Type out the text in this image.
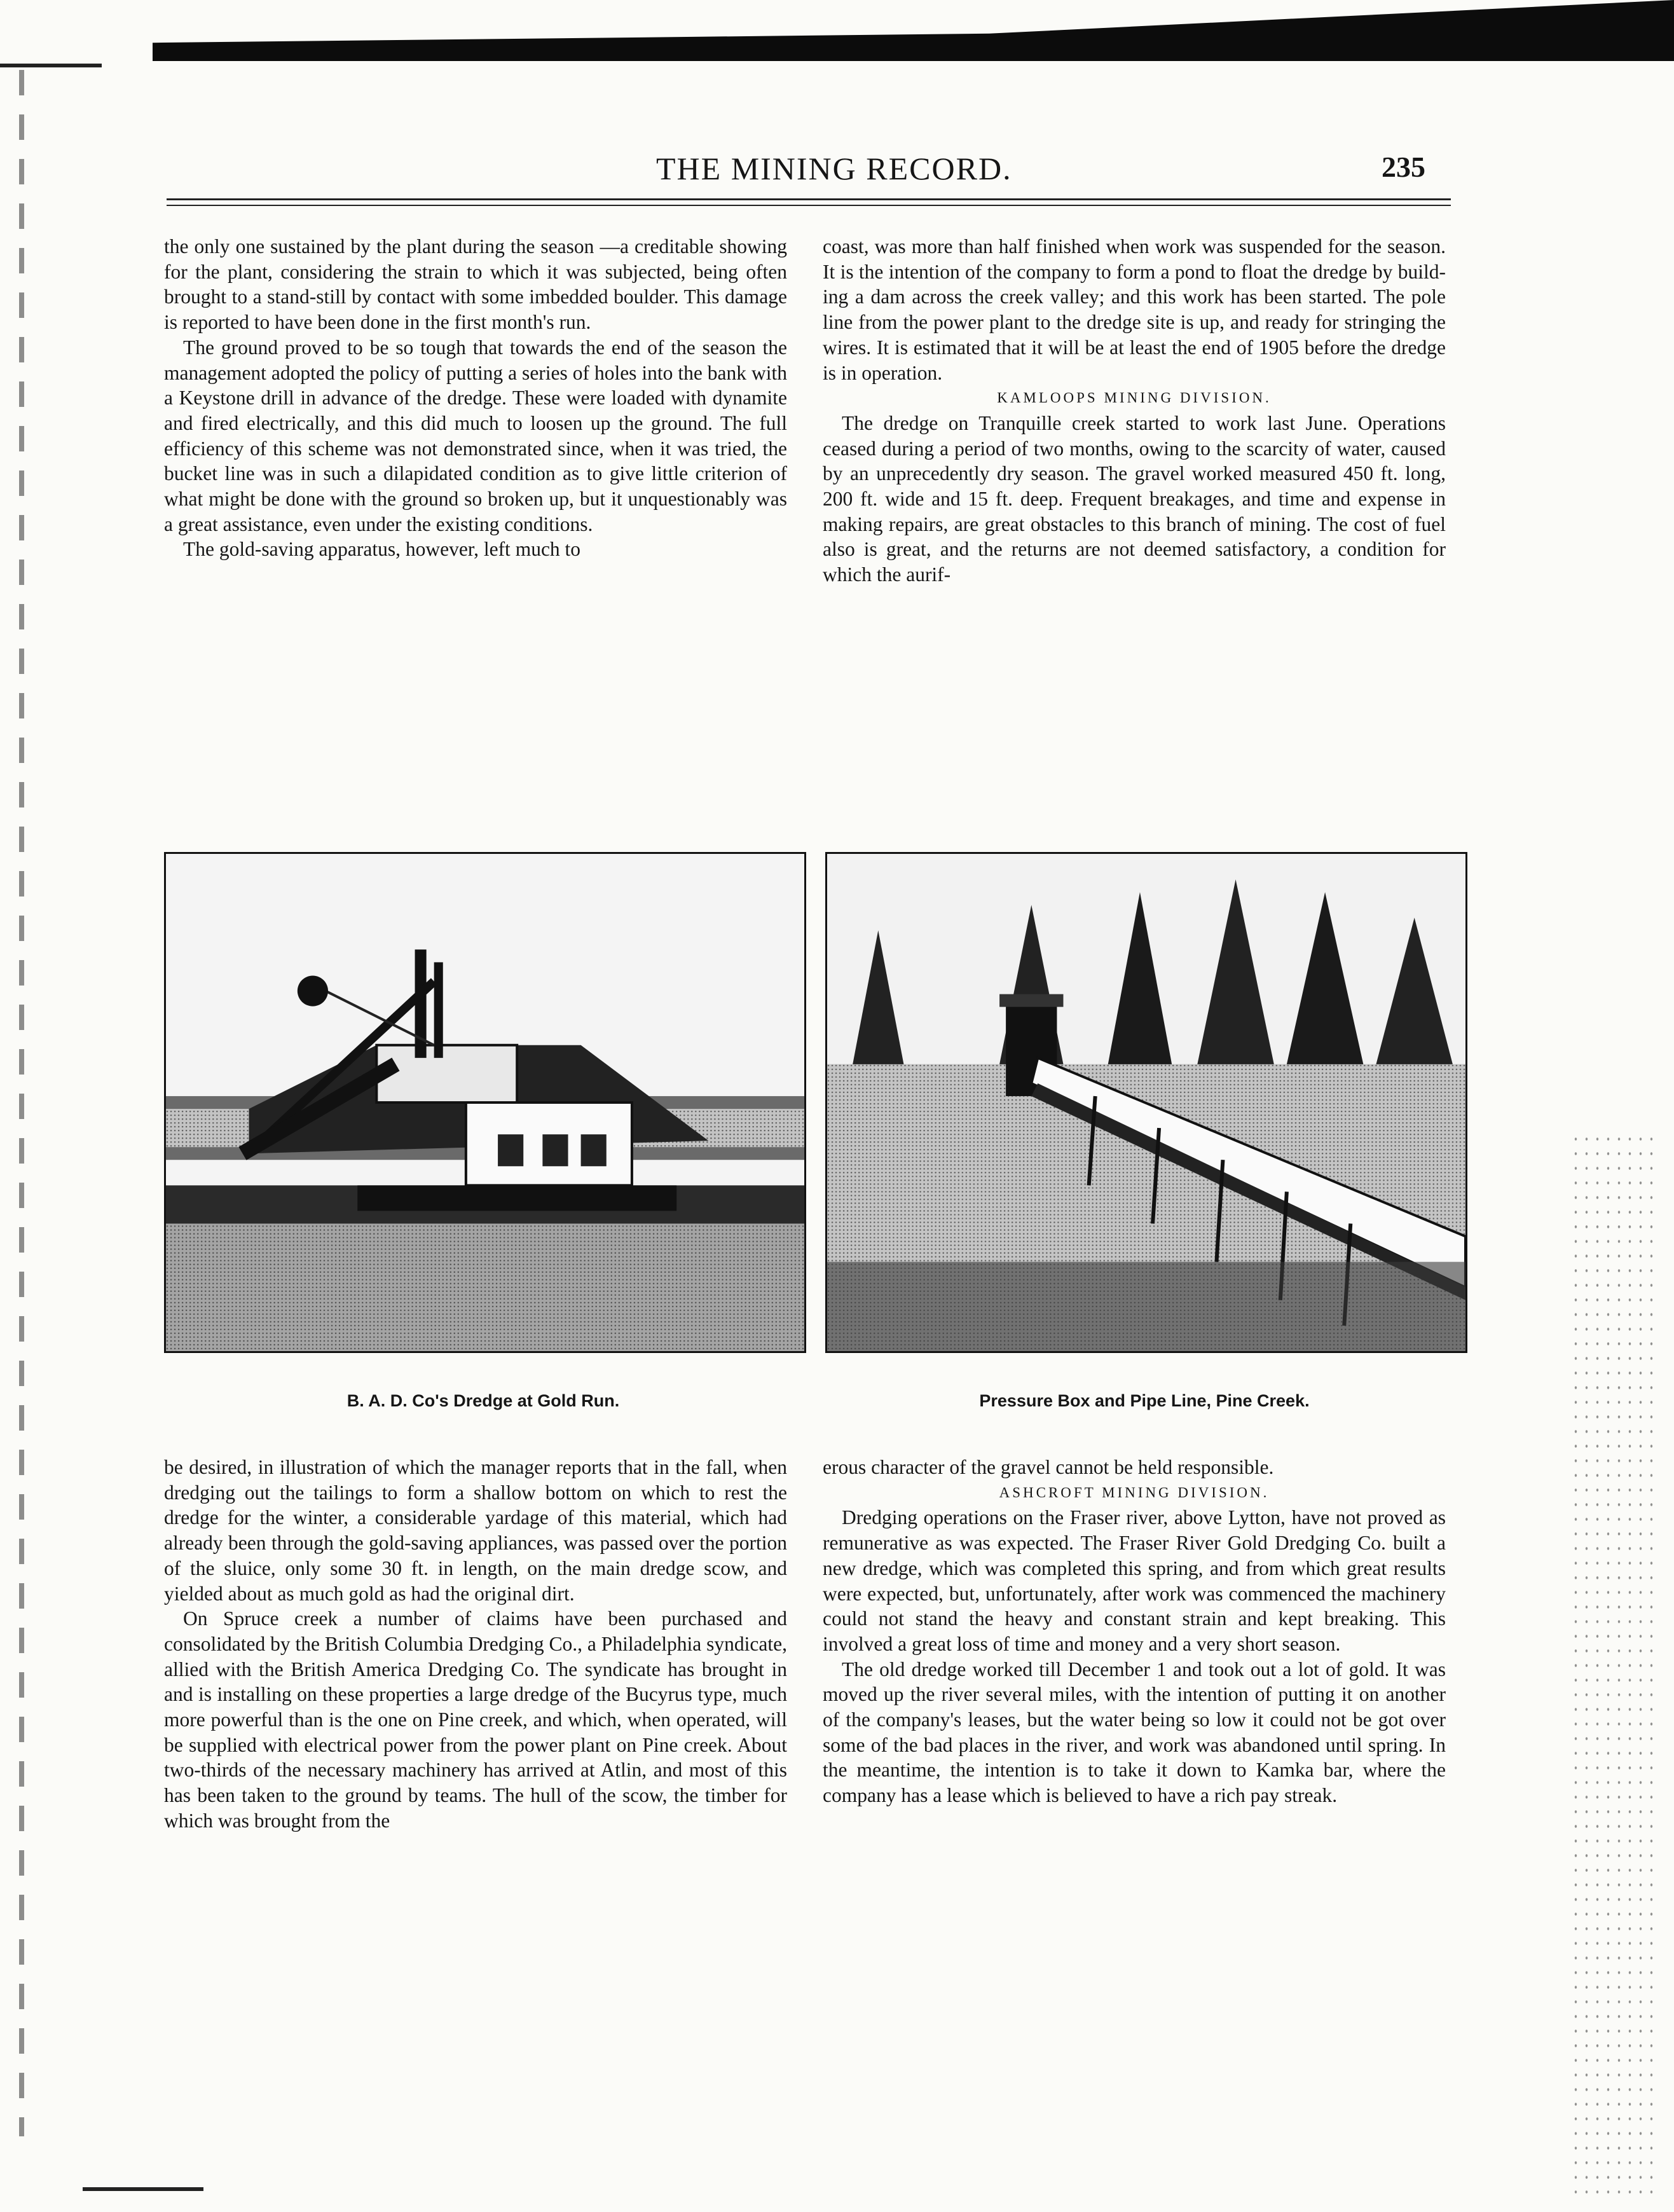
THE MINING RECORD.	235

the only one sustained by the plant during the season —a creditable showing for the plant, considering the strain to which it was subjected, being often brought to a stand-still by contact with some imbedded boulder. This damage is reported to have been done in the first month's run.

The ground proved to be so tough that towards the end of the season the management adopted the policy of putting a series of holes into the bank with a Keystone drill in advance of the dredge. These were loaded with dynamite and fired electrically, and this did much to loosen up the ground. The full efficiency of this scheme was not demonstrated since, when it was tried, the bucket line was in such a dilapidated condition as to give little criterion of what might be done with the ground so broken up, but it unquestionably was a great assistance, even under the existing conditions.

The gold-saving apparatus, however, left much to

coast, was more than half finished when work was suspended for the season. It is the intention of the company to form a pond to float the dredge by building a dam across the creek valley; and this work has been started. The pole line from the power plant to the dredge site is up, and ready for stringing the wires. It is estimated that it will be at least the end of 1905 before the dredge is in operation.

KAMLOOPS MINING DIVISION.

The dredge on Tranquille creek started to work last June. Operations ceased during a period of two months, owing to the scarcity of water, caused by an unprecedently dry season. The gravel worked measured 450 ft. long, 200 ft. wide and 15 ft. deep. Frequent breakages, and time and expense in making repairs, are great obstacles to this branch of mining. The cost of fuel also is great, and the returns are not deemed satisfactory, a condition for which the aurif-

B. A. D. Co's Dredge at Gold Run.	Pressure Box and Pipe Line, Pine Creek.

be desired, in illustration of which the manager reports that in the fall, when dredging out the tailings to form a shallow bottom on which to rest the dredge for the winter, a considerable yardage of this material, which had already been through the gold-saving appliances, was passed over the portion of the sluice, only some 30 ft. in length, on the main dredge scow, and yielded about as much gold as had the original dirt.

On Spruce creek a number of claims have been purchased and consolidated by the British Columbia Dredging Co., a Philadelphia syndicate, allied with the British America Dredging Co. The syndicate has brought in and is installing on these properties a large dredge of the Bucyrus type, much more powerful than is the one on Pine creek, and which, when operated, will be supplied with electrical power from the power plant on Pine creek. About two-thirds of the necessary machinery has arrived at Atlin, and most of this has been taken to the ground by teams. The hull of the scow, the timber for which was brought from the

erous character of the gravel cannot be held responsible.

ASHCROFT MINING DIVISION.

Dredging operations on the Fraser river, above Lytton, have not proved as remunerative as was expected. The Fraser River Gold Dredging Co. built a new dredge, which was completed this spring, and from which great results were expected, but, unfortunately, after work was commenced the machinery could not stand the heavy and constant strain and kept breaking. This involved a great loss of time and money and a very short season.

The old dredge worked till December 1 and took out a lot of gold. It was moved up the river several miles, with the intention of putting it on another of the company's leases, but the water being so low it could not be got over some of the bad places in the river, and work was abandoned until spring. In the meantime, the intention is to take it down to Kamka bar, where the company has a lease which is believed to have a rich pay streak.
